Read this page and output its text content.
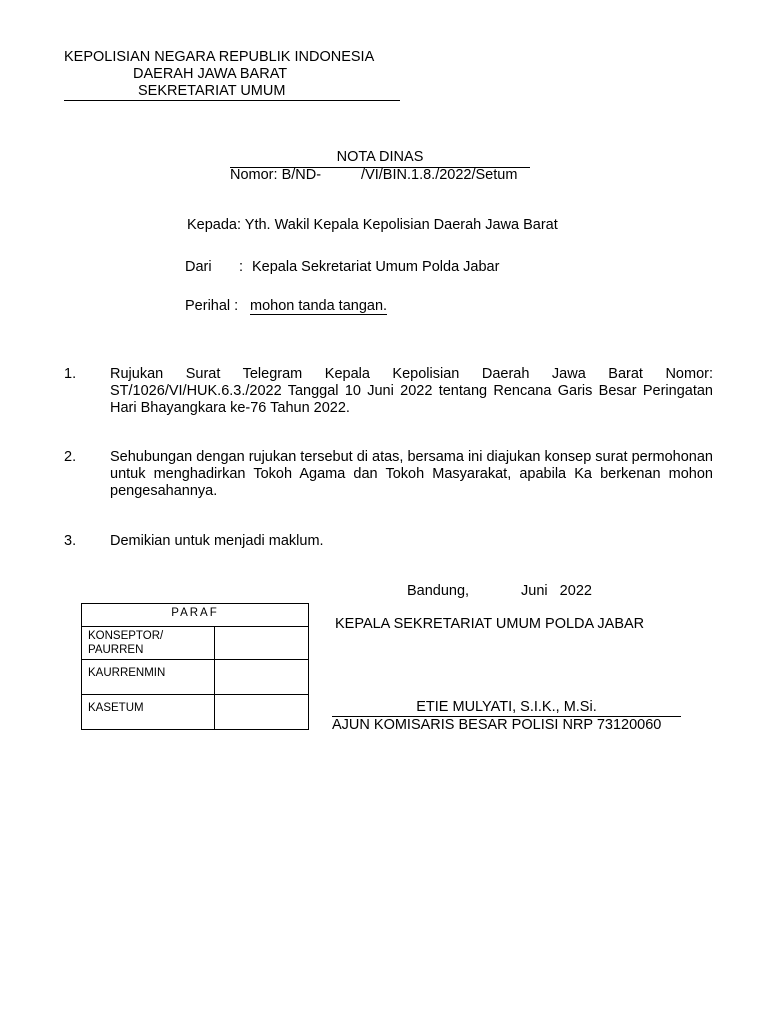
KEPOLISIAN NEGARA REPUBLIK INDONESIA
DAERAH JAWA BARAT
SEKRETARIAT UMUM
NOTA DINAS
Nomor: B/ND-	/VI/BIN.1.8./2022/Setum
Kepada: Yth. Wakil Kepala Kepolisian Daerah Jawa Barat
Dari : Kepala Sekretariat Umum Polda Jabar
Perihal : mohon tanda tangan.
1. Rujukan Surat Telegram Kepala Kepolisian Daerah Jawa Barat Nomor: ST/1026/VI/HUK.6.3./2022 Tanggal 10 Juni 2022 tentang Rencana Garis Besar Peringatan Hari Bhayangkara ke-76 Tahun 2022.
2. Sehubungan dengan rujukan tersebut di atas, bersama ini diajukan konsep surat permohonan untuk menghadirkan Tokoh Agama dan Tokoh Masyarakat, apabila Ka berkenan mohon pengesahannya.
3. Demikian untuk menjadi maklum.
Bandung,	Juni   2022
PARAF	

KONSEPTOR/
PAURREN	

KAURRENMIN	
KASETUM	
KEPALA SEKRETARIAT UMUM POLDA JABAR
ETIE MULYATI, S.I.K., M.Si.
AJUN KOMISARIS BESAR POLISI NRP 73120060
